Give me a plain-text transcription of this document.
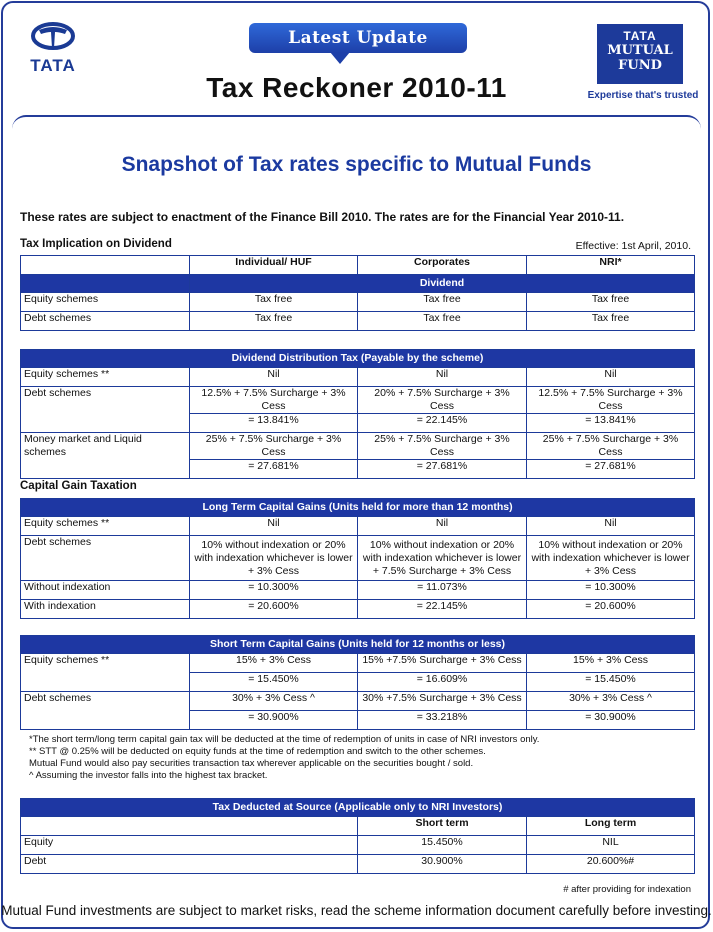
TATA
Latest Update
Tax Reckoner 2010-11
TATA
MUTUAL
FUND
Expertise that's trusted
Snapshot of Tax rates specific to Mutual Funds
These rates are subject to enactment of the Finance Bill 2010. The rates are for the Financial Year 2010-11.
Tax Implication on Dividend	Effective: 1st April, 2010.
	Individual/ HUF	Corporates	NRI*
	Dividend		
Equity schemes	Tax free	Tax free	Tax free
Debt schemes	Tax free	Tax free	Tax free
Dividend Distribution Tax (Payable by the scheme)			
Equity schemes **	Nil	Nil	Nil
Debt schemes	12.5% + 7.5% Surcharge + 3% Cess	20% + 7.5% Surcharge + 3% Cess	12.5% + 7.5% Surcharge + 3% Cess
	= 13.841%	= 22.145%	= 13.841%
Money market and Liquid schemes	25% + 7.5% Surcharge + 3% Cess	25% + 7.5% Surcharge + 3% Cess	25% + 7.5% Surcharge + 3% Cess
	= 27.681%	= 27.681%	= 27.681%
Capital Gain Taxation
Long Term Capital Gains (Units held for more than 12 months)			
Equity schemes **	Nil	Nil	Nil
Debt schemes	10% without indexation or 20% with indexation whichever is lower + 3% Cess	10% without indexation or 20% with indexation whichever is lower + 7.5% Surcharge + 3% Cess	10% without indexation or 20% with indexation whichever is lower + 3% Cess
Without indexation	= 10.300%	= 11.073%	= 10.300%
With indexation	= 20.600%	= 22.145%	= 20.600%
Short Term Capital Gains (Units held for 12 months or less)			
Equity schemes **	15% + 3% Cess	15% +7.5% Surcharge + 3% Cess	15% + 3% Cess
	= 15.450%	= 16.609%	= 15.450%
Debt schemes	30% + 3% Cess ^	30% +7.5% Surcharge + 3% Cess	30% + 3% Cess ^
	= 30.900%	= 33.218%	= 30.900%
*The short term/long term capital gain tax will be deducted at the time of redemption of units in case of NRI investors only.
** STT @ 0.25% will be deducted on equity funds at the time of redemption and switch to the other schemes.
Mutual Fund would also pay securities transaction tax wherever applicable on the securities bought / sold.
^ Assuming the investor falls into the highest tax bracket.
Tax Deducted at Source (Applicable only to NRI Investors)		
	Short term	Long term
Equity	15.450%	NIL
Debt	30.900%	20.600%#
# after providing for indexation
Mutual Fund investments are subject to market risks, read the scheme information document carefully before investing.
